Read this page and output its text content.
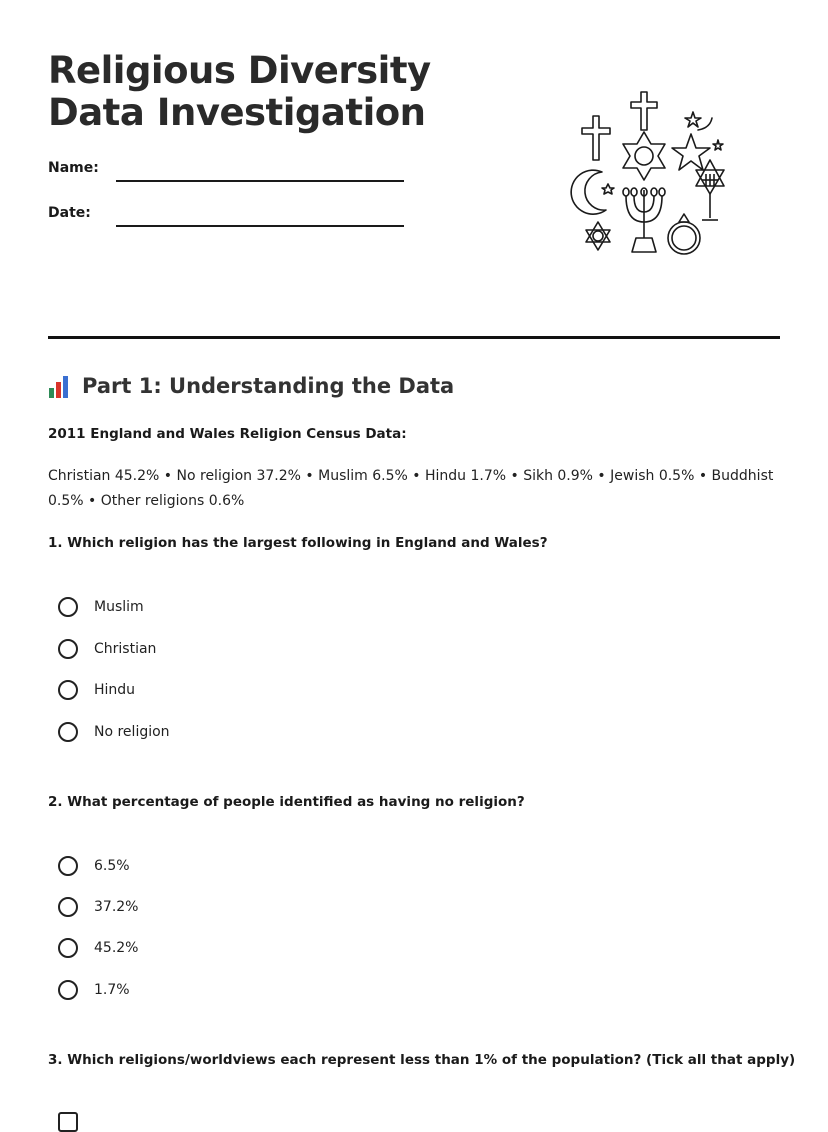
Religious Diversity Data Investigation
Name:
Date:
Part 1: Understanding the Data
2011 England and Wales Religion Census Data:
Christian 45.2% • No religion 37.2% • Muslim 6.5% • Hindu 1.7% • Sikh 0.9% • Jewish 0.5% • Buddhist 0.5% • Other religions 0.6%
1. Which religion has the largest following in England and Wales?
Muslim
Christian
Hindu
No religion
2. What percentage of people identified as having no religion?
6.5%
37.2%
45.2%
1.7%
3. Which religions/worldviews each represent less than 1% of the population? (Tick all that apply)
